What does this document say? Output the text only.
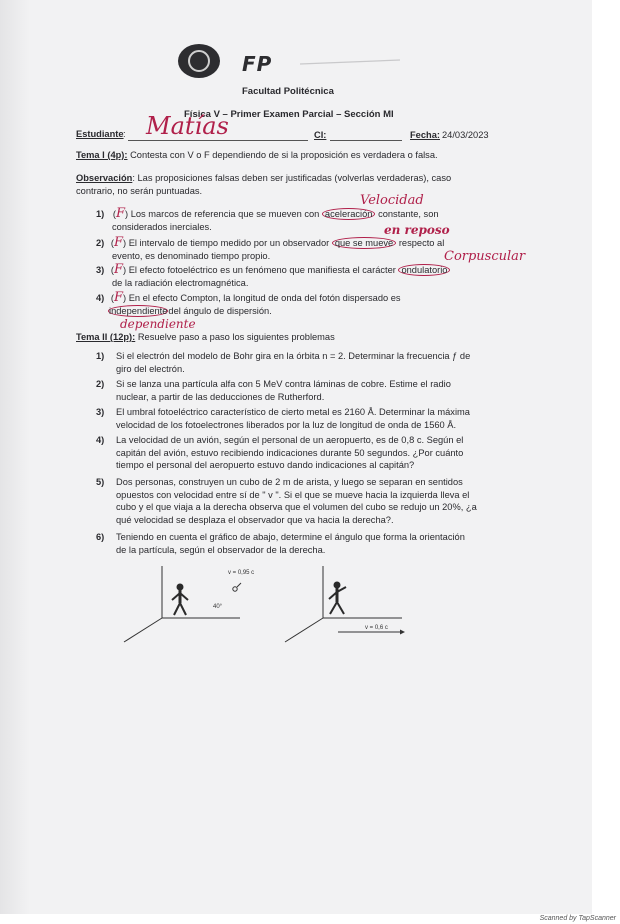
FP
Facultad Politécnica
Física V – Primer Examen Parcial – Sección MI
Estudiante : Matías	CI:	Fecha: 24/03/2023
Tema I (4p): Contesta con V o F dependiendo de si la proposición es verdadera o falsa.
Observación: Las proposiciones falsas deben ser justificadas (volverlas verdaderas), caso
contrario, no serán puntuadas.
Velocidad
1) (F) Los marcos de referencia que se mueven con aceleración constante, son
considerados inerciales.	en reposo
2) (F) El intervalo de tiempo medido por un observador que se mueve respecto al
evento, es denominado tiempo propio.	Corpuscular
3) (F) El efecto fotoeléctrico es un fenómeno que manifiesta el carácter ondulatorio
de la radiación electromagnética.
4) (F) En el efecto Compton, la longitud de onda del fotón dispersado es
independientedel ángulo de dispersión.
dependiente
Tema II (12p): Resuelve paso a paso los siguientes problemas
1)	Si el electrón del modelo de Bohr gira en la órbita n = 2. Determinar la frecuencia ƒ de
giro del electrón.
2)	Si se lanza una partícula alfa con 5 MeV contra láminas de cobre. Estime el radio
nuclear, a partir de las deducciones de Rutherford.
3)	El umbral fotoeléctrico característico de cierto metal es 2160 Å. Determinar la máxima
velocidad de los fotoelectrones liberados por la luz de longitud de onda de 1560 Å.
4)	La velocidad de un avión, según el personal de un aeropuerto, es de 0,8 c. Según el
capitán del avión, estuvo recibiendo indicaciones durante 50 segundos. ¿Por cuánto
tiempo el personal del aeropuerto estuvo dando indicaciones al capitán?
5)	Dos personas, construyen un cubo de 2 m de arista, y luego se separan en sentidos
opuestos con velocidad entre sí de " v ". Si el que se mueve hacia la izquierda lleva el
cubo y el que viaja a la derecha observa que el volumen del cubo se redujo un 20%, ¿a
qué velocidad se desplaza el observador que va hacia la derecha?.
6)	Teniendo en cuenta el gráfico de abajo, determine el ángulo que forma la orientación
de la partícula, según el observador de la derecha.
v = 0,95 c
40°
v = 0,6 c
Scanned by TapScanner
